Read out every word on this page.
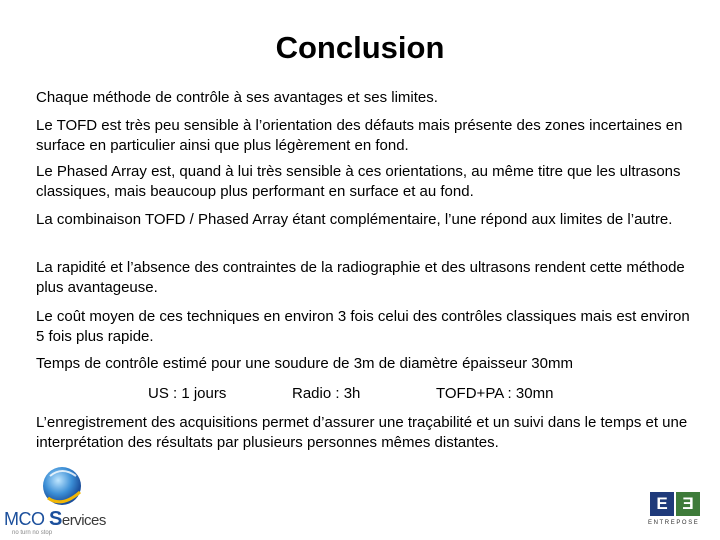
Conclusion

Chaque méthode de contrôle à ses avantages et ses limites.

Le TOFD est très peu sensible à l’orientation des défauts mais présente des zones incertaines en surface en particulier ainsi que plus légèrement en fond.

Le Phased Array est, quand à lui très sensible à ces orientations, au même titre que les ultrasons classiques, mais beaucoup plus performant en surface et au fond.

La combinaison TOFD / Phased Array étant complémentaire, l’une répond aux limites de l’autre.

La rapidité et l’absence des contraintes de la radiographie et des ultrasons rendent cette méthode plus avantageuse.

Le coût moyen de ces techniques en environ 3 fois celui des contrôles classiques mais est environ 5 fois plus rapide.

Temps de contrôle estimé pour une soudure de 3m de diamètre épaisseur 30mm

US : 1 jours	Radio : 3h	TOFD+PA : 30mn

L’enregistrement des acquisitions permet d’assurer une traçabilité et un suivi dans le temps et une interprétation des résultats par plusieurs personnes mêmes distantes.

MCO Services
no turn no stop
E Ǝ
ENTREPOSE
